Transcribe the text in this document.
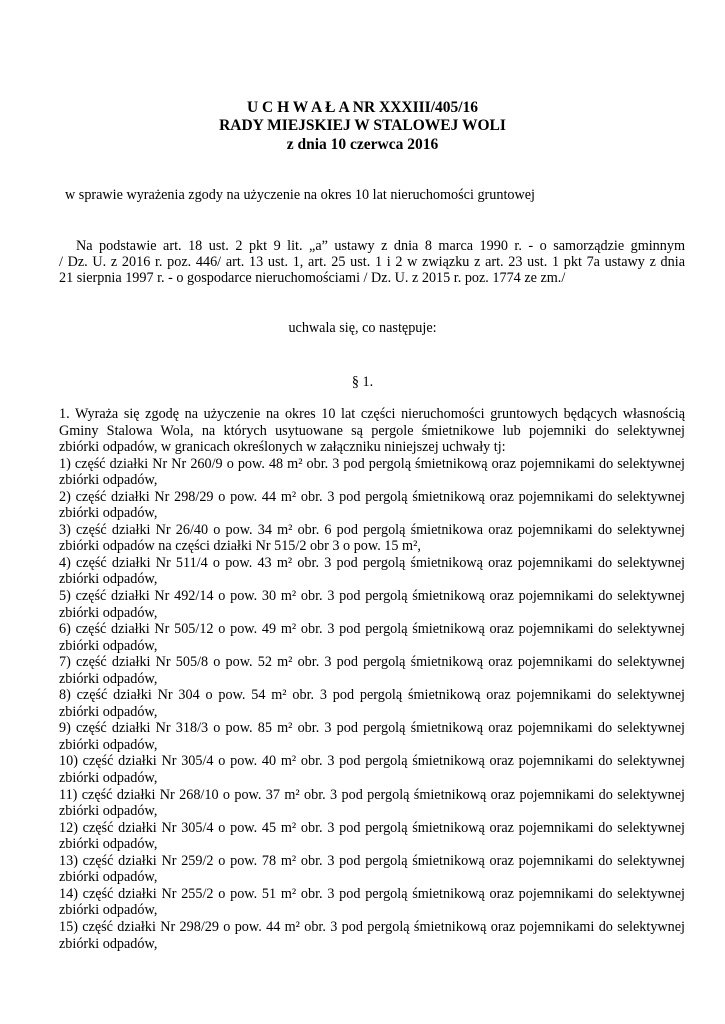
U C H W A Ł A NR XXXIII/405/16
RADY MIEJSKIEJ W STALOWEJ WOLI
z dnia 10 czerwca 2016
w sprawie wyrażenia zgody na użyczenie na okres 10 lat nieruchomości gruntowej
Na podstawie art. 18 ust. 2 pkt 9 lit. „a” ustawy z dnia 8 marca 1990 r. - o samorządzie gminnym
/ Dz. U. z 2016 r. poz. 446/ art. 13 ust. 1, art. 25 ust. 1 i 2 w związku z art. 23 ust. 1 pkt 7a ustawy z dnia
21 sierpnia 1997 r. - o gospodarce nieruchomościami / Dz. U. z 2015 r. poz. 1774 ze zm./
uchwala się, co następuje:
§ 1.
1. Wyraża się zgodę na użyczenie na okres 10 lat części nieruchomości gruntowych będących własnością
Gminy Stalowa Wola, na których usytuowane są pergole śmietnikowe lub pojemniki do selektywnej
zbiórki odpadów, w granicach określonych w załączniku niniejszej uchwały tj:
1) część działki Nr Nr 260/9 o pow. 48 m² obr. 3 pod pergolą śmietnikową oraz pojemnikami do selektywnej
zbiórki odpadów,
2) część działki Nr 298/29 o pow. 44 m² obr. 3 pod pergolą śmietnikową oraz pojemnikami do selektywnej
zbiórki odpadów,
3) część działki Nr 26/40 o pow. 34 m² obr. 6 pod pergolą śmietnikowa oraz pojemnikami do selektywnej
zbiórki odpadów na części działki Nr 515/2 obr 3 o pow. 15 m²,
4) część działki Nr 511/4 o pow. 43 m² obr. 3 pod pergolą śmietnikową oraz pojemnikami do selektywnej
zbiórki odpadów,
5) część działki Nr 492/14 o pow. 30 m² obr. 3 pod pergolą śmietnikową oraz pojemnikami do selektywnej
zbiórki odpadów,
6) część działki Nr 505/12 o pow. 49 m² obr. 3 pod pergolą śmietnikową oraz pojemnikami do selektywnej
zbiórki odpadów,
7) część działki Nr 505/8 o pow. 52 m² obr. 3 pod pergolą śmietnikową oraz pojemnikami do selektywnej
zbiórki odpadów,
8) część działki Nr 304 o pow. 54 m² obr. 3 pod pergolą śmietnikową oraz pojemnikami do selektywnej
zbiórki odpadów,
9) część działki Nr 318/3 o pow. 85 m² obr. 3 pod pergolą śmietnikową oraz pojemnikami do selektywnej
zbiórki odpadów,
10) część działki Nr 305/4 o pow. 40 m² obr. 3 pod pergolą śmietnikową oraz pojemnikami do selektywnej
zbiórki odpadów,
11) część działki Nr 268/10 o pow. 37 m² obr. 3 pod pergolą śmietnikową oraz pojemnikami do selektywnej
zbiórki odpadów,
12) część działki Nr 305/4 o pow. 45 m² obr. 3 pod pergolą śmietnikową oraz pojemnikami do selektywnej
zbiórki odpadów,
13) część działki Nr 259/2 o pow. 78 m² obr. 3 pod pergolą śmietnikową oraz pojemnikami do selektywnej
zbiórki odpadów,
14) część działki Nr 255/2 o pow. 51 m² obr. 3 pod pergolą śmietnikową oraz pojemnikami do selektywnej
zbiórki odpadów,
15) część działki Nr 298/29 o pow. 44 m² obr. 3 pod pergolą śmietnikową oraz pojemnikami do selektywnej
zbiórki odpadów,
